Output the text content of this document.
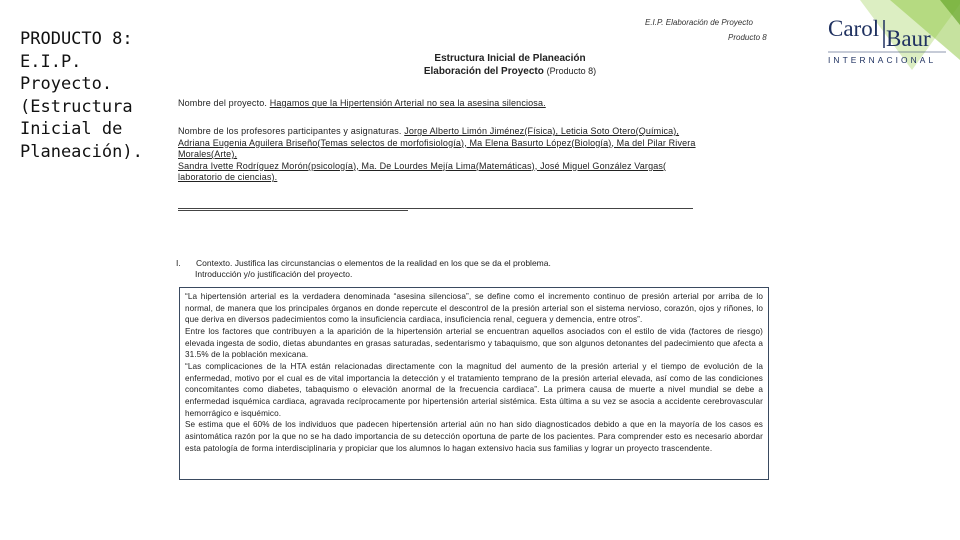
PRODUCTO 8:
E.I.P.
Proyecto.
(Estructura
Inicial de
Planeación).
E.I.P. Elaboración de Proyecto
Producto 8	Carol Baur
INTERNACIONAL
Estructura Inicial de Planeación
Elaboración del Proyecto (Producto 8)
Nombre del proyecto. Hagamos que la Hipertensión Arterial no sea la asesina silenciosa.
Nombre de los profesores participantes y asignaturas. Jorge Alberto Limón Jiménez(Física), Leticia Soto Otero(Química),
Adriana Eugenia Aguilera Briseño(Temas selectos de morfofisiología), Ma Elena Basurto López(Biología), Ma del Pilar Rivera
Morales(Arte),
Sandra Ivette Rodríguez Morón(psicología), Ma. De Lourdes Mejía Lima(Matemáticas), José Miguel González Vargas(
laboratorio de ciencias).
I. Contexto. Justifica las circunstancias o elementos de la realidad en los que se da el problema.
Introducción y/o justificación del proyecto.

“La hipertensión arterial es la verdadera denominada “asesina silenciosa”, se define como el incremento continuo de presión arterial por arriba de lo normal, de manera que los principales órganos en donde repercute el descontrol de la presión arterial son el sistema nervioso, corazón, ojos y riñones, lo que deriva en diversos padecimientos como la insuficiencia cardiaca, insuficiencia renal, ceguera y demencia, entre otros”.

Entre los factores que contribuyen a la aparición de la hipertensión arterial se encuentran aquellos asociados con el estilo de vida (factores de riesgo) elevada ingesta de sodio, dietas abundantes en grasas saturadas, sedentarismo y tabaquismo, que son algunos detonantes del padecimiento que afecta a 31.5% de la población mexicana.

“Las complicaciones de la HTA están relacionadas directamente con la magnitud del aumento de la presión arterial y el tiempo de evolución de la enfermedad, motivo por el cual es de vital importancia la detección y el tratamiento temprano de la presión arterial elevada, así como de las condiciones concomitantes como diabetes, tabaquismo o elevación anormal de la frecuencia cardiaca”. La primera causa de muerte a nivel mundial se debe a enfermedad isquémica cardiaca, agravada recíprocamente por hipertensión arterial sistémica. Esta última a su vez se asocia a accidente cerebrovascular hemorrágico e isquémico.

Se estima que el 60% de los individuos que padecen hipertensión arterial aún no han sido diagnosticados debido a que en la mayoría de los casos es asintomática razón por la que no se ha dado importancia de su detección oportuna de parte de los pacientes. Para comprender esto es necesario abordar esta patología de forma interdisciplinaria y propiciar que los alumnos lo hagan extensivo hacia sus familias y lograr un proyecto trascendente.
